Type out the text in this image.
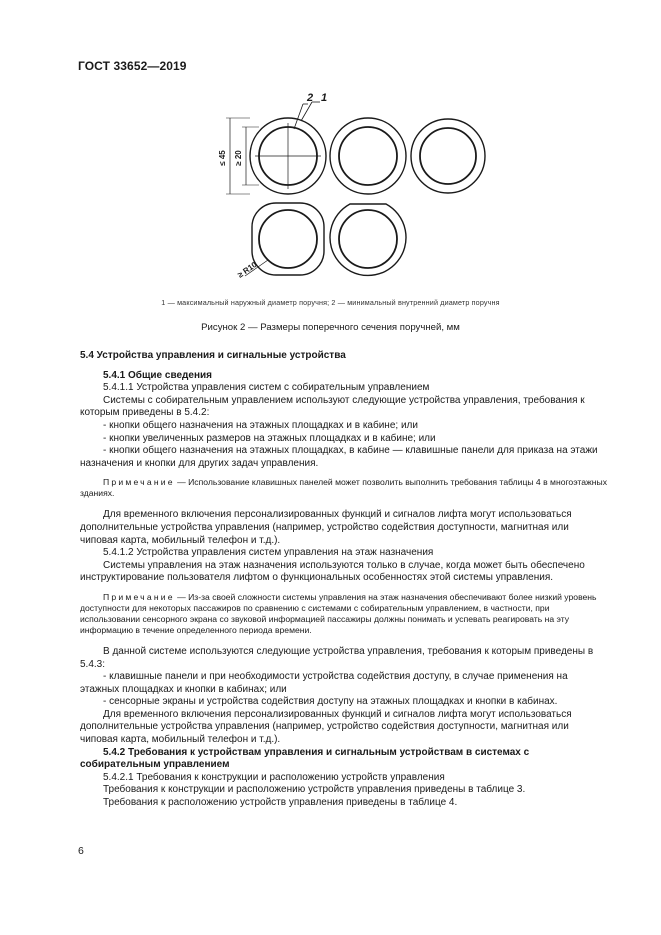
ГОСТ 33652—2019
2 1
≤ 45 ≥ 20
≥ R10
1 — максимальный наружный диаметр поручня; 2 — минимальный внутренний диаметр поручня
Рисунок 2 — Размеры поперечного сечения поручней, мм

5.4 Устройства управления и сигнальные устройства

5.4.1 Общие сведения

5.4.1.1 Устройства управления систем с собирательным управлением

Системы с собирательным управлением используют следующие устройства управления, требования к которым приведены в 5.4.2:

- кнопки общего назначения на этажных площадках и в кабине; или

- кнопки увеличенных размеров на этажных площадках и в кабине; или

- кнопки общего назначения на этажных площадках, в кабине — клавишные панели для приказа на этажи назначения и кнопки для других задач управления.

Примечание — Использование клавишных панелей может позволить выполнить требования таблицы 4 в многоэтажных зданиях.

Для временного включения персонализированных функций и сигналов лифта могут использоваться дополнительные устройства управления (например, устройство содействия доступности, магнитная или чиповая карта, мобильный телефон и т.д.).

5.4.1.2 Устройства управления систем управления на этаж назначения

Системы управления на этаж назначения используются только в случае, когда может быть обеспечено инструктирование пользователя лифтом о функциональных особенностях этой системы управления.

Примечание — Из-за своей сложности системы управления на этаж назначения обеспечивают более низкий уровень доступности для некоторых пассажиров по сравнению с системами с собирательным управлением, в частности, при использовании сенсорного экрана со звуковой информацией пассажиры должны понимать и успевать реагировать на эту информацию в течение определенного периода времени.

В данной системе используются следующие устройства управления, требования к которым приведены в 5.4.3:

- клавишные панели и при необходимости устройства содействия доступу, в случае применения на этажных площадках и кнопки в кабинах; или

- сенсорные экраны и устройства содействия доступу на этажных площадках и кнопки в кабинах.

Для временного включения персонализированных функций и сигналов лифта могут использоваться дополнительные устройства управления (например, устройство содействия доступности, магнитная или чиповая карта, мобильный телефон и т.д.).

5.4.2 Требования к устройствам управления и сигнальным устройствам в системах с собирательным управлением

5.4.2.1 Требования к конструкции и расположению устройств управления

Требования к конструкции и расположению устройств управления приведены в таблице 3.

Требования к расположению устройств управления приведены в таблице 4.

6
